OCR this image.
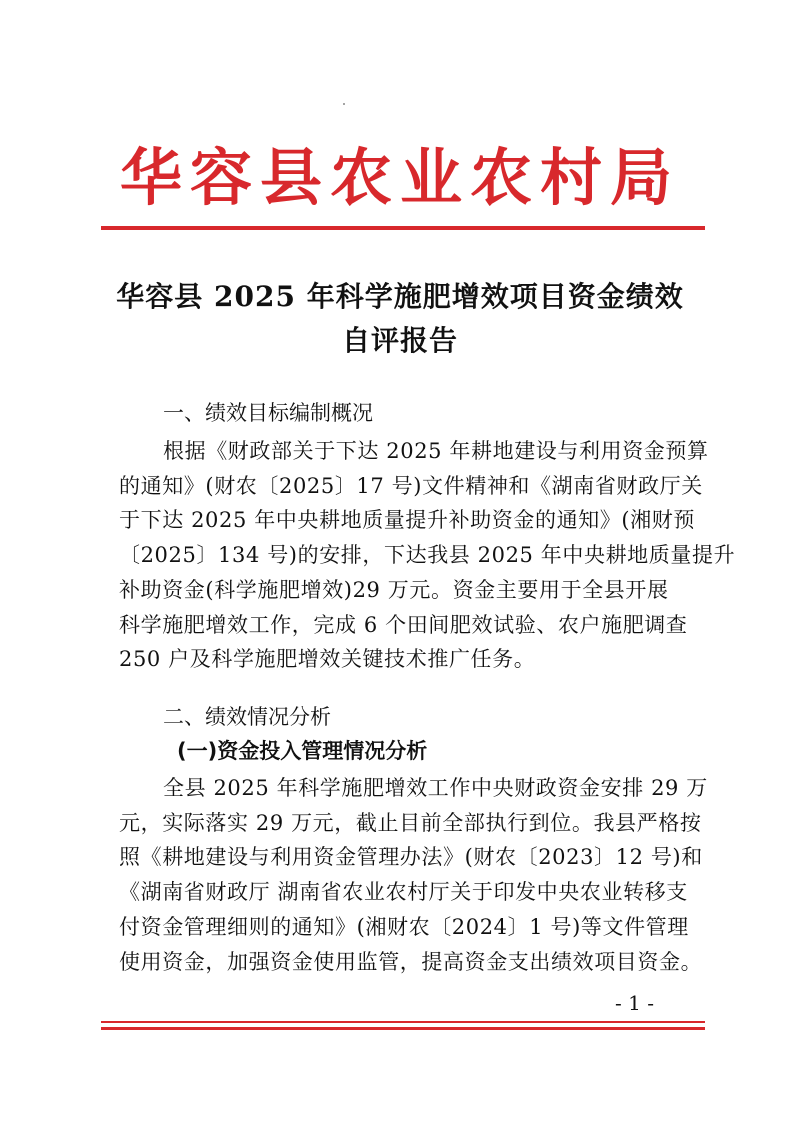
华容县农业农村局
华容县 2025 年科学施肥增效项目资金绩效
自评报告
一、绩效目标编制概况
根据《财政部关于下达 2025 年耕地建设与利用资金预算
的通知》(财农〔2025〕17 号)文件精神和《湖南省财政厅关
于下达 2025 年中央耕地质量提升补助资金的通知》(湘财预
〔2025〕134 号)的安排，下达我县 2025 年中央耕地质量提升
补助资金(科学施肥增效)29 万元。资金主要用于全县开展
科学施肥增效工作，完成 6 个田间肥效试验、农户施肥调查
250 户及科学施肥增效关键技术推广任务。
二、绩效情况分析
(一)资金投入管理情况分析
全县 2025 年科学施肥增效工作中央财政资金安排 29 万
元，实际落实 29 万元，截止目前全部执行到位。我县严格按
照《耕地建设与利用资金管理办法》(财农〔2023〕12 号)和
《湖南省财政厅 湖南省农业农村厅关于印发中央农业转移支
付资金管理细则的通知》(湘财农〔2024〕1 号)等文件管理
使用资金，加强资金使用监管，提高资金支出绩效项目资金。
- 1 -
